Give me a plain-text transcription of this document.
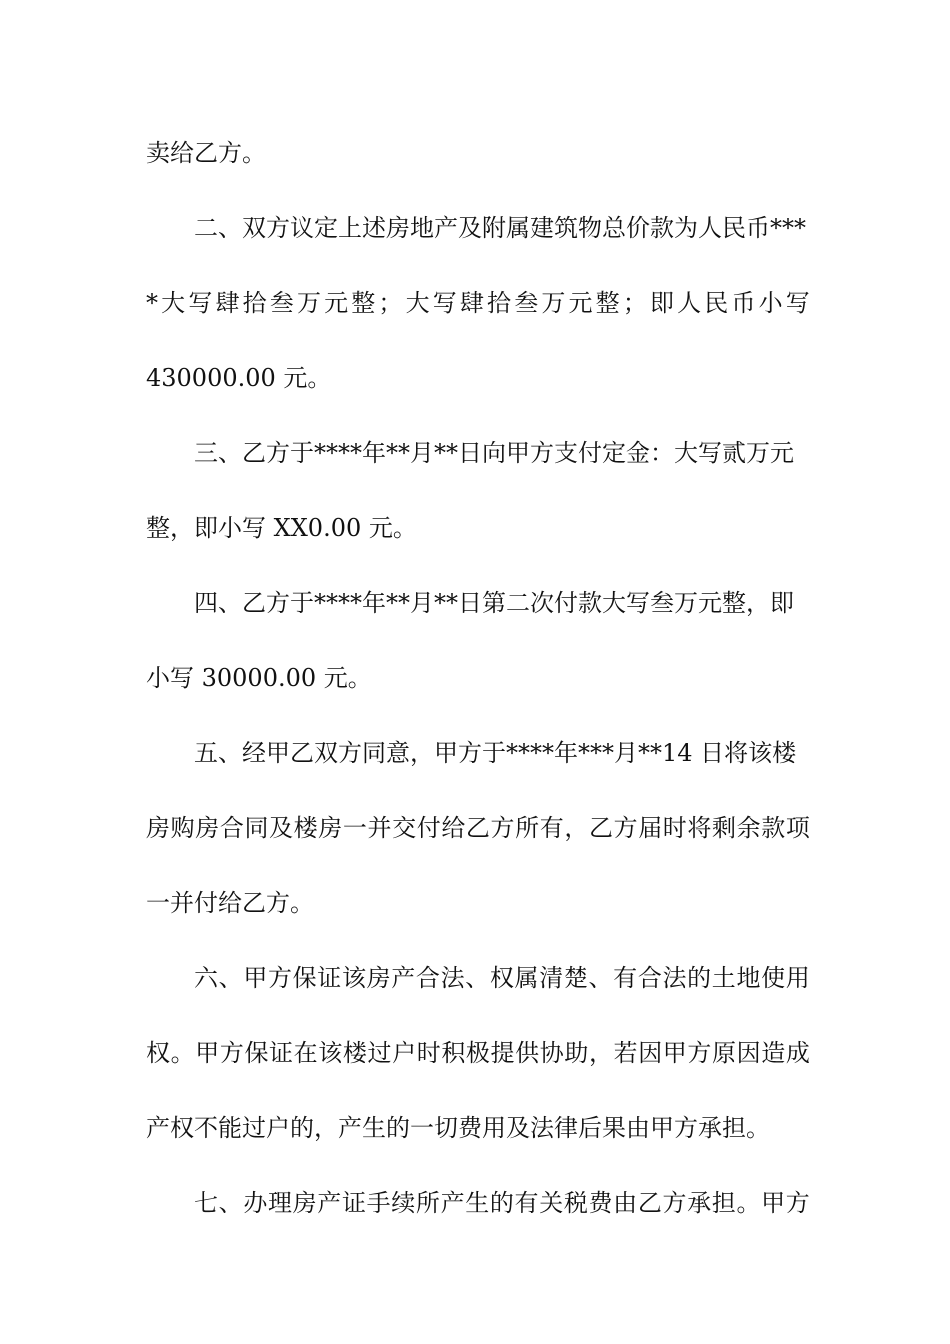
卖给乙方。
二、双方议定上述房地产及附属建筑物总价款为人民币***
* 大 写 肆 拾 叁 万 元 整 ； 大 写 肆 拾 叁 万 元 整 ； 即 人 民 币 小 写
430000.00 元。
三、乙方于****年**月**日向甲方支付定金：大写贰万元
整，即小写 XX0.00 元。
四、乙方于****年**月**日第二次付款大写叁万元整，即
小写 30000.00 元。
五、经甲乙双方同意，甲方于****年***月**14 日将该楼
房 购 房 合 同 及 楼 房 一 并 交 付 给 乙 方 所 有 ， 乙 方 届 时 将 剩 余 款 项
一并付给乙方。
六 、 甲 方 保 证 该 房 产 合 法 、 权 属 清 楚 、 有 合 法 的 土 地 使 用
权 。 甲 方 保 证 在 该 楼 过 户 时 积 极 提 供 协 助 ， 若 因 甲 方 原 因 造 成
产权不能过户的，产生的一切费用及法律后果由甲方承担。
七 、 办 理 房 产 证 手 续 所 产 生 的 有 关 税 费 由 乙 方 承 担 。 甲 方
